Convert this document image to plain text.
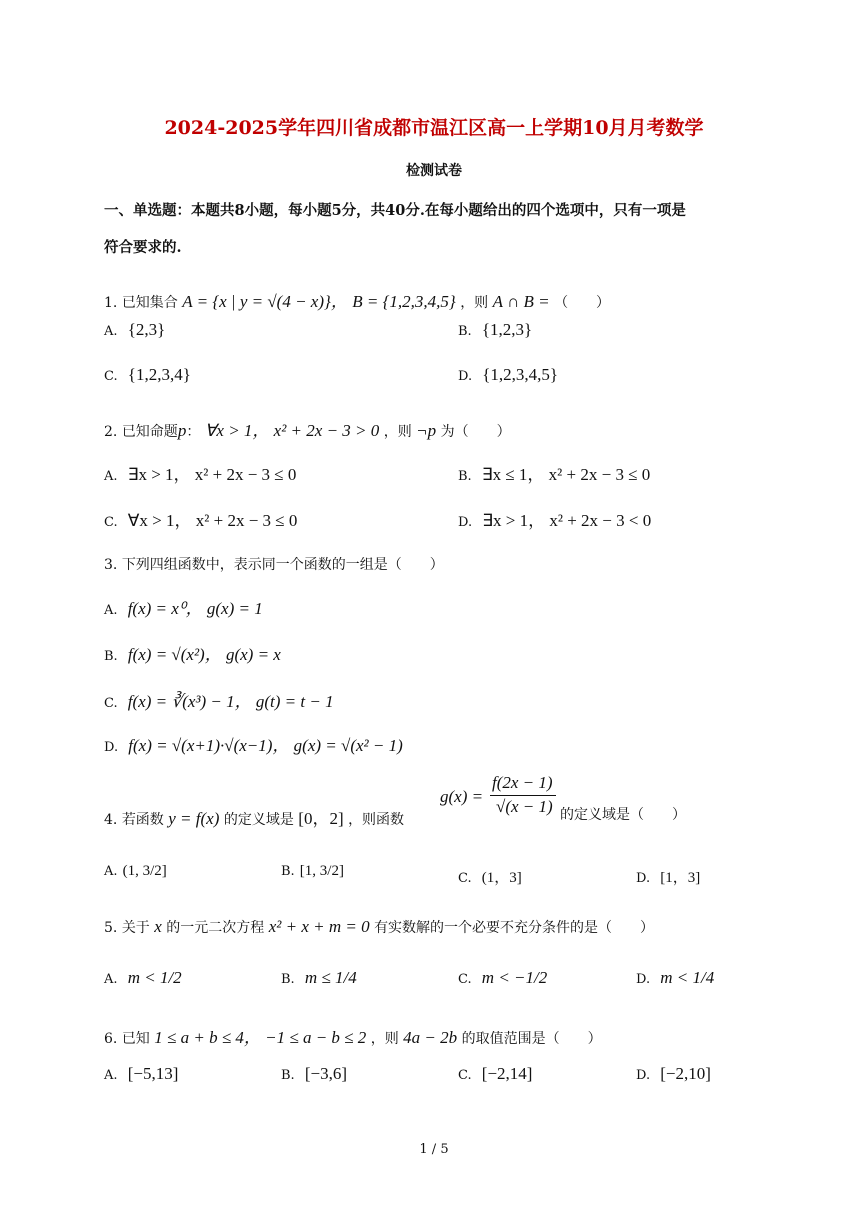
2024-2025学年四川省成都市温江区高一上学期10月月考数学
检测试卷
一、单选题：本题共8小题，每小题5分，共40分.在每小题给出的四个选项中，只有一项是
符合要求的.
1. 已知集合 A = {x | y = √(4 − x)}， B = {1,2,3,4,5} ，则 A ∩ B = （　　）
A. {2,3}	B. {1,2,3}
C. {1,2,3,4}	D. {1,2,3,4,5}
2. 已知命题p： ∀x > 1， x² + 2x − 3 > 0 ，则 ¬p 为（　　）
A. ∃x > 1， x² + 2x − 3 ≤ 0	B. ∃x ≤ 1， x² + 2x − 3 ≤ 0
C. ∀x > 1， x² + 2x − 3 ≤ 0	D. ∃x > 1， x² + 2x − 3 < 0
3. 下列四组函数中，表示同一个函数的一组是（　　）
A. f(x) = x⁰， g(x) = 1
B. f(x) = √(x²)， g(x) = x
C. f(x) = ∛(x³) − 1， g(t) = t − 1
D. f(x) = √(x+1)·√(x−1)， g(x) = √(x² − 1)
4. 若函数 y = f(x) 的定义域是 [0，2] ，则函数
g(x) =
f(2x − 1)
√(x − 1) 的定义域是（　　）
A. (1, 3/2]	B. [1, 3/2]	C. (1，3]	D. [1，3]
5. 关于 x 的一元二次方程 x² + x + m = 0 有实数解的一个必要不充分条件的是（　　）
A. m < 1/2	B. m ≤ 1/4	C. m < −1/2	D. m < 1/4
6. 已知 1 ≤ a + b ≤ 4， −1 ≤ a − b ≤ 2 ，则 4a − 2b 的取值范围是（　　）
A. [−5,13]	B. [−3,6]	C. [−2,14]	D. [−2,10]
1 / 5
